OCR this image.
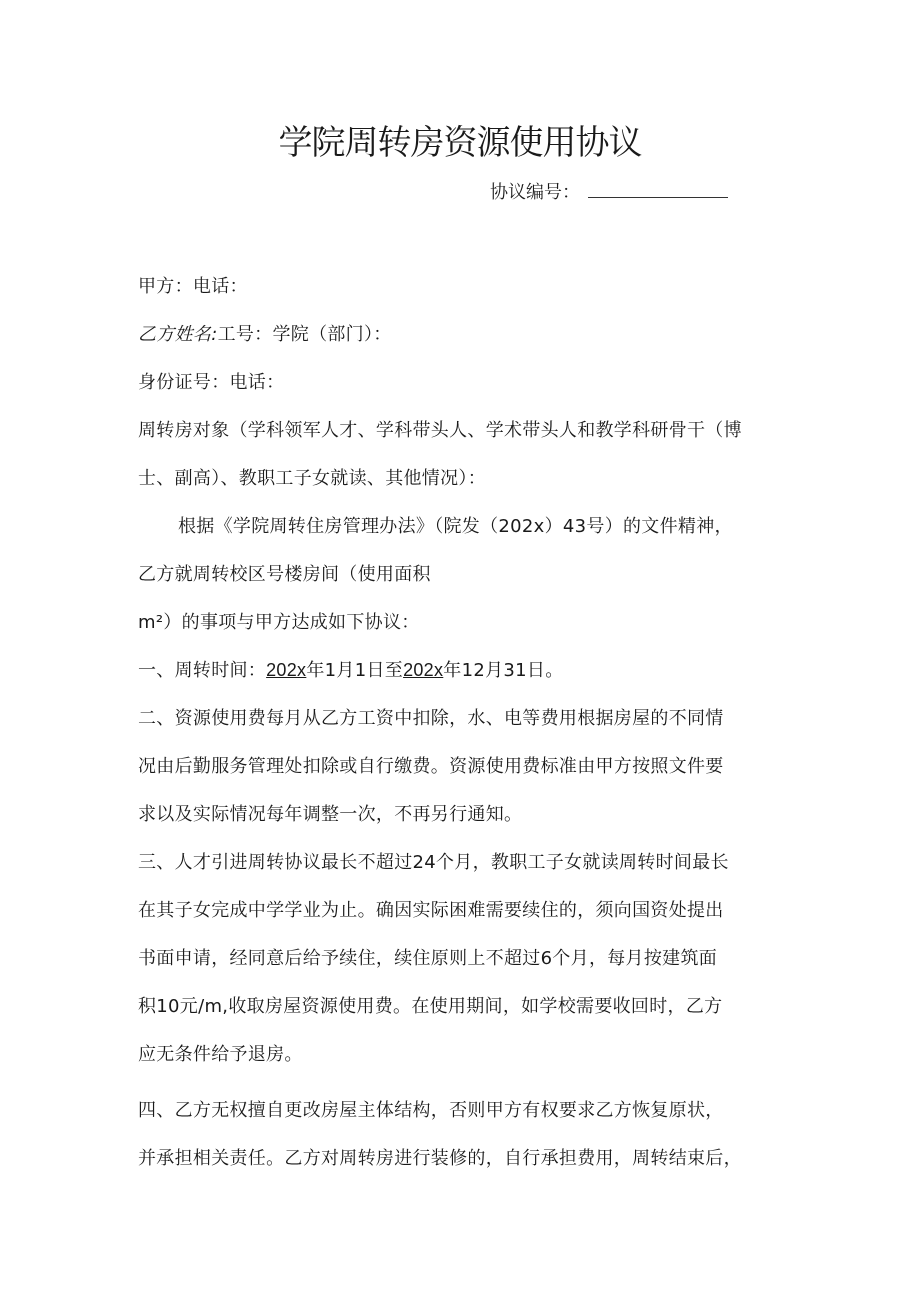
学院周转房资源使用协议
协议编号：
甲方：电话：
乙方姓名:工号：学院（部门）：
身份证号：电话：
周转房对象（学科领军人才、学科带头人、学术带头人和教学科研骨干（博
士、副高）、教职工子女就读、其他情况）：
根据《学院周转住房管理办法》（院发（202x）43号）的文件精神，
乙方就周转校区号楼房间（使用面积
m²）的事项与甲方达成如下协议：
一、周转时间：202x年1月1日至202x年12月31日。
二、资源使用费每月从乙方工资中扣除，水、电等费用根据房屋的不同情
况由后勤服务管理处扣除或自行缴费。资源使用费标准由甲方按照文件要
求以及实际情况每年调整一次，不再另行通知。
三、人才引进周转协议最长不超过24个月，教职工子女就读周转时间最长
在其子女完成中学学业为止。确因实际困难需要续住的，须向国资处提出
书面申请，经同意后给予续住，续住原则上不超过6个月，每月按建筑面
积10元/m,收取房屋资源使用费。在使用期间，如学校需要收回时，乙方
应无条件给予退房。
四、乙方无权擅自更改房屋主体结构，否则甲方有权要求乙方恢复原状，
并承担相关责任。乙方对周转房进行装修的，自行承担费用，周转结束后，
